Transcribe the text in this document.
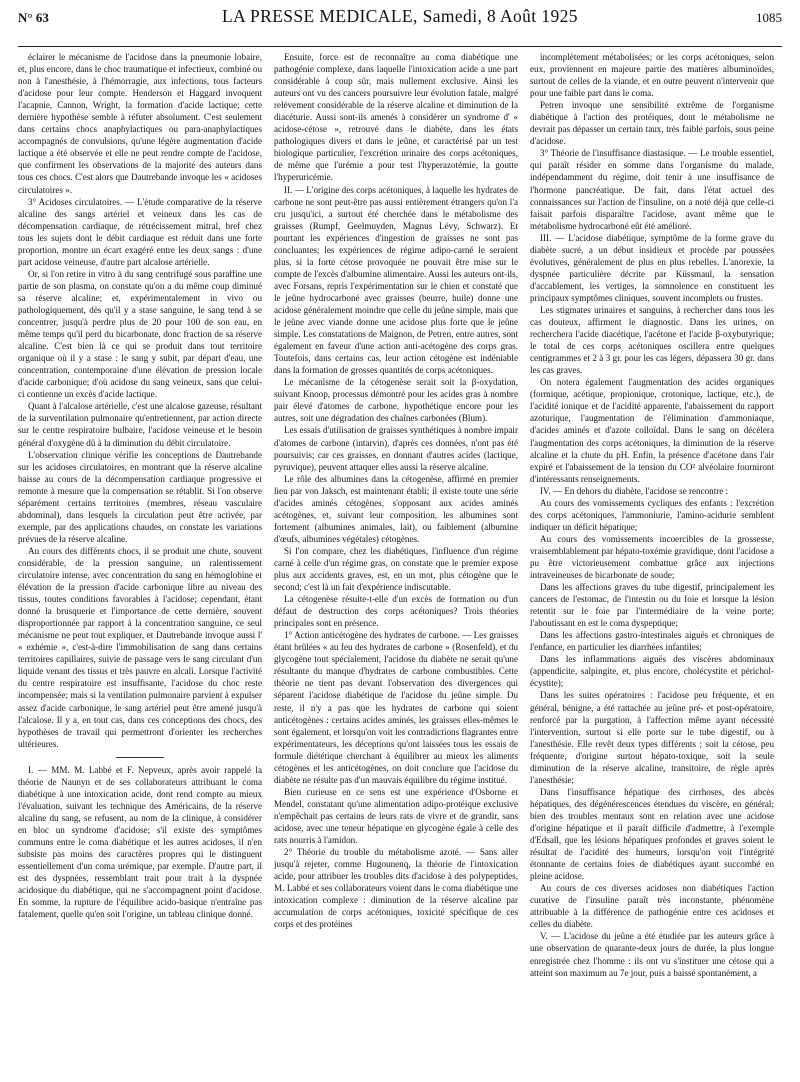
N° 63	LA PRESSE MEDICALE, Samedi, 8 Août 1925	1085

éclairer le mécanisme de l'acidose dans la pneumonie lobaire, et, plus encore, dans le choc traumatique et infectieux, combiné ou non à l'anesthésie, à l'hémorragie, aux infections, tous facteurs d'acidose pour leur compte. Henderson et Haggard invoquent l'acapnie, Cannon, Wright, la formation d'acide lactique; cette dernière hypothèse semble à réfuter absolument. C'est seulement dans certains chocs anaphylactiques ou para-anaphylactiques accompagnés de convulsions, qu'une légère augmentation d'acide lactique a été observée et elle ne peut rendre compte de l'acidose, que confirment les observations de la majorité des auteurs dans tous ces chocs. C'est alors que Dautrebande invoque les « acidoses circulatoires ».

3° Acidoses circulatoires. — L'étude comparative de la réserve alcaline des sangs artériel et veineux dans les cas de décompensation cardiaque, de rétrécissement mitral, bref chez tous les sujets dont le débit cardiaque est réduit dans une forte proportion, montre un écart exagéré entre les deux sangs : d'une part acidose veineuse, d'autre part alcalose artérielle.

Or, si l'on retire in vitro à du sang centrifugé sous paraffine une partie de son plasma, on constate qu'on a du même coup diminué sa réserve alcaline; et, expérimentalement in vivo ou pathologiquement, dès qu'il y a stase sanguine, le sang tend à se concentrer, jusqu'à perdre plus de 20 pour 100 de son eau, en même temps qu'il perd du bicarbonate, donc fraction de sa réserve alcaline. C'est bien là ce qui se produit dans tout territoire organique où il y a stase : le sang y subit, par départ d'eau, une concentration, contemporaine d'une élévation de pression locale d'acide carbonique; d'où acidose du sang veineux, sans que celui-ci contienne un excès d'acide lactique.

Quant à l'alcalose artérielle, c'est une alcalose gazeuse, résultant de la surventilation pulmonaire qu'entretiennent, par action directe sur le centre respiratoire bulbaire, l'acidose veineuse et le besoin général d'oxygène dû à la diminution du débit circulatoire.

L'observation clinique vérifie les conceptions de Dautrebande sur les acidoses circulatoires, en montrant que la réserve alcaline baisse au cours de la décompensation cardiaque progressive et remonte à mesure que la compensation se rétablit. Si l'on observe séparément certains territoires (membres, réseau vasculaire abdominal), dans lesquels la circulation peut être activée, par exemple, par des applications chaudes, on constate les variations prévues de la réserve alcaline.

Au cours des différents chocs, il se produit une chute, souvent considérable, de la pression sanguine, un ralentissement circulatoire intense, avec concentration du sang en hémoglobine et élévation de la pression d'acide carbonique libre au niveau des tissus, toutes conditions favorables à l'acidose; cependant, étant donné la brusquerie et l'importance de cette dernière, souvent disproportionnée par rapport à la concentration sanguine, ce seul mécanisme ne peut tout expliquer, et Dautrebande invoque aussi l' « exhémie », c'est-à-dire l'immobilisation de sang dans certains territoires capillaires, suivie de passage vers le sang circulant d'un liquide venant des tissus et très pauvre en alcali. Lorsque l'activité du centre respiratoire est insuffisante, l'acidose du choc reste incompensée; mais si la ventilation pulmonaire parvient à expulser assez d'acide carbonique, le sang artériel peut être amené jusqu'à l'alcalose. Il y a, en tout cas, dans ces conceptions des chocs, des hypothèses de travail qui permettront d'orienter les recherches ultérieures.

I. — MM. M. Labbé et F. Nepveux, après avoir rappelé la théorie de Naunyn et de ses collaborateurs attribuant le coma diabétique à une intoxication acide, dont rend compte au mieux l'évaluation, suivant les technique des Américains, de la réserve alcaline du sang, se refusent, au nom de la clinique, à considérer en bloc un syndrome d'acidose; s'il existe des symptômes communs entre le coma diabétique et les autres acidoses, il n'en subsiste pas moins des caractères propres qui le distinguent essentiellement d'un coma urémique, par exemple. D'autre part, il est des dyspnées, ressemblant trait pour trait à la dyspnée acidosique du diabétique, qui ne s'accompagnent point d'acidose. En somme, la rupture de l'équilibre acido-basique n'entraîne pas fatalement, quelle qu'en soit l'origine, un tableau clinique donné.

Ensuite, force est de reconnaître au coma diabétique une pathogénie complexe, dans laquelle l'intoxication acide a une part considérable à coup sûr, mais nullement exclusive. Ainsi les auteurs ont vu des cancers poursuivre leur évolution fatale, malgré relèvement considérable de la réserve alcaline et diminution de la diacéturie. Aussi sont-ils amenés à considérer un syndrome d' « acidose-cétose », retrouvé dans le diabète, dans les états pathologiques divers et dans le jeûne, et caractérisé par un test biologique particulier, l'excrétion urinaire des corps acétoniques, de même que l'urémie a pour test l'hyperazotémie, la goutte l'hyperuricémie.

II. — L'origine des corps acétoniques, à laquelle les hydrates de carbone ne sont peut-être pas aussi entièrement étrangers qu'on l'a cru jusqu'ici, a surtout été cherchée dans le métabolisme des graisses (Rumpf, Geelmuyden, Magnus Lévy, Schwarz). Et pourtant les expériences d'ingestion de graisses ne sont pas concluantes; les expériences de régime adipo-carné le seraient plus, si la forte cétose provoquée ne pouvait être mise sur le compte de l'excès d'albumine alimentaire. Aussi les auteurs ont-ils, avec Forsans, repris l'expérimentation sur le chien et constaté que le jeûne hydrocarboné avec graisses (beurre, huile) donne une acidose généralement moindre que celle du jeûne simple, mais que le jeûne avec viande donne une acidose plus forte que le jeûne simple. Les constatations de Maignon, de Petren, entre autres, sont également en faveur d'une action anti-acétogène des corps gras. Toutefois, dans certains cas, leur action cétogène est indéniable dans la formation de grosses quantités de corps acétoniques.

Le mécanisme de la cétogenèse serait soit la β-oxydation, suivant Knoop, processus démontré pour les acides gras à nombre pair élevé d'atomes de carbone, hypothétique encore pour les autres, soit une dégradation des chaînes carbonées (Blum).

Les essais d'utilisation de graisses synthétiques à nombre impair d'atomes de carbone (intarvin), d'après ces données, n'ont pas été poursuivis; car ces graisses, en donnant d'autres acides (lactique, pyruvique), peuvent attaquer elles aussi la réserve alcaline.

Le rôle des albumines dans la cétogenèse, affirmé en premier lieu par von Jaksch, est maintenant établi; il existe toute une série d'acides aminés cétogènes, s'opposant aux acides aminés acétogènes, et, suivant leur composition, les albumines sont fortement (albumines animales, lait), ou faiblement (albumine d'œufs, albumines végétales) cétogènes.

Si l'on compare, chez les diabétiques, l'influence d'un régime carné à celle d'un régime gras, on constate que le premier expose plus aux accidents graves, est, en un mot, plus cétogène que le second; c'est là un fait d'expérience indiscutable.

La cétogenèse résulte-t-elle d'un excès de formation ou d'un défaut de destruction des corps acétoniques? Trois théories principales sont en présence.

1° Action anticétogène des hydrates de carbone. — Les graisses étant brûlées « au feu des hydrates de carbone » (Rosenfeld), et du glycogène tout spécialement, l'acidose du diabète ne serait qu'une résultante du manque d'hydrates de carbone combustibles. Cette théorie ne tient pas devant l'observation des divergences qui séparent l'acidose diabétique de l'acidose du jeûne simple. Du reste, il n'y a pas que les hydrates de carbone qui soient anticétogènes : certains acides aminés, les graisses elles-mêmes le sont également, et lorsqu'on voit les contradictions flagrantes entre expérimentateurs, les déceptions qu'ont laissées tous les essais de formule diététique cherchant à équilibrer au mieux les aliments cétogènes et les anticétogènes, on doit conclure que l'acidose du diabète ne résulte pas d'un mauvais équilibre du régime institué.

Bien curieuse en ce sens est une expérience d'Osborne et Mendel, constatant qu'une alimentation adipo-protéique exclusive n'empêchait pas certains de leurs rats de vivre et de grandir, sans acidose, avec une teneur hépatique en glycogène égale à celle des rats nourris à l'amidon.

2° Théorie du trouble du métabolisme azoté. — Sans aller jusqu'à rejeter, comme Hugounenq, la théorie de l'intoxication acide, pour attribuer les troubles dits d'acidose à des polypeptides, M. Labbé et ses collaborateurs voient dans le coma diabétique une intoxication complexe : diminution de la réserve alcaline par accumulation de corps acétoniques, toxicité spécifique de ces corps et des protéines

incomplètement métabolisées; or les corps acétoniques, selon eux, proviennent en majeure partie des matières albuminoïdes, surtout de celles de la viande, et en outre peuvent n'intervenir que pour une faible part dans le coma.

Petren invoque une sensibilité extrême de l'organisme diabétique à l'action des protéiques, dont le métabolisme ne devrait pas dépasser un certain taux, très faible parfois, sous peine d'acidose.

3° Théorie de l'insuffisance diastasique. — Le trouble essentiel, qui paraît résider en somme dans l'organisme du malade, indépendamment du régime, doit tenir à une insuffisance de l'hormone pancréatique. De fait, dans l'état actuel des connaissances sur l'action de l'insuline, on a noté déjà que celle-ci faisait parfois disparaître l'acidose, avant même que le métabolisme hydrocarboné eût été amélioré.

III. — L'acidose diabétique, symptôme de la forme grave du diabète sucré, a un début insidieux et procède par poussées évolutives, généralement de plus en plus rebelles. L'anorexie, la dyspnée particulière décrite par Küssmaul, la sensation d'accablement, les vertiges, la somnolence en constituent les principaux symptômes cliniques, souvent incomplets ou frustes.

Les stigmates urinaires et sanguins, à rechercher dans tous les cas douteux, affirment le diagnostic. Dans les urines, on recherchera l'acide diacétique, l'acétone et l'acide β-oxybutyrique; le total de ces corps acétoniques oscillera entre quelques centigrammes et 2 à 3 gr. pour les cas légers, dépassera 30 gr. dans les cas graves.

On notera également l'augmentation des acides organiques (formique, acétique, propionique, crotonique, lactique, etc.), de l'acidité ionique et de l'acidité apparente, l'abaissement du rapport azoturique, l'augmentation de l'élimination d'ammoniaque, d'acides aminés et d'azote colloïdal. Dans le sang on décèlera l'augmentation des corps acétoniques, la diminution de la réserve alcaline et la chute du pH. Enfin, la présence d'acétone dans l'air expiré et l'abaissement de la tension du CO² alvéolaire fourniront d'intéressants renseignements.

IV. — En dehors du diabète, l'acidose se rencontre :

Au cours des vomissements cycliques des enfants : l'excrétion des corps acétoniques, l'ammoniurie, l'amino-acidurie semblent indiquer un déficit hépatique;

Au cours des vomissements incoercibles de la grossesse, vraisemblablement par hépato-toxémie gravidique, dont l'acidose a pu être victorieusement combattue grâce aux injections intraveineuses de bicarbonate de soude;

Dans les affections graves du tube digestif, principalement les cancers de l'estomac, de l'intestin ou du foie et lorsque la lésion retentit sur le foie par l'intermédiaire de la veine porte; l'aboutissant en est le coma dyspeptique;

Dans les affections gastro-intestinales aiguës et chroniques de l'enfance, en particulier les diarrhées infantiles;

Dans les inflammations aiguës des viscères abdominaux (appendicite, salpingite, et, plus encore, cholécystite et péricholécystite);

Dans les suites opératoires : l'acidose peu fréquente, et en général, bénigne, a été rattachée au jeûne pré- et post-opératoire, renforcé par la purgation, à l'affection même ayant nécessité l'intervention, surtout si elle porte sur le tube digestif, ou à l'anesthésie. Elle revêt deux types différents ; soit la cétose, peu fréquente, d'origine surtout hépato-toxique, soit la seule diminution de la réserve alcaline, transitoire, de règle après l'anesthésie;

Dans l'insuffisance hépatique des cirrhoses, des abcès hépatiques, des dégénérescences étendues du viscère, en général; bien des troubles mentaux sont en relation avec une acidose d'origine hépatique et il paraît difficile d'admettre, à l'exemple d'Edsall, que les lésions hépatiques profondes et graves soient le résultat de l'acidité des humeurs, lorsqu'on voit l'intégrité étonnante de certains foies de diabétiques ayant succombé en pleine acidose.

Au cours de ces diverses acidoses non diabétiques l'action curative de l'insuline paraît très inconstante, phénomène attribuable à la différence de pathogénie entre ces acidoses et celles du diabète.

V. — L'acidose du jeûne a été étudiée par les auteurs grâce à une observation de quarante-deux jours de durée, la plus longue enregistrée chez l'homme : ils ont vu s'instituer une cétose qui a atteint son maximum au 7e jour, puis a baissé spontanément, a
